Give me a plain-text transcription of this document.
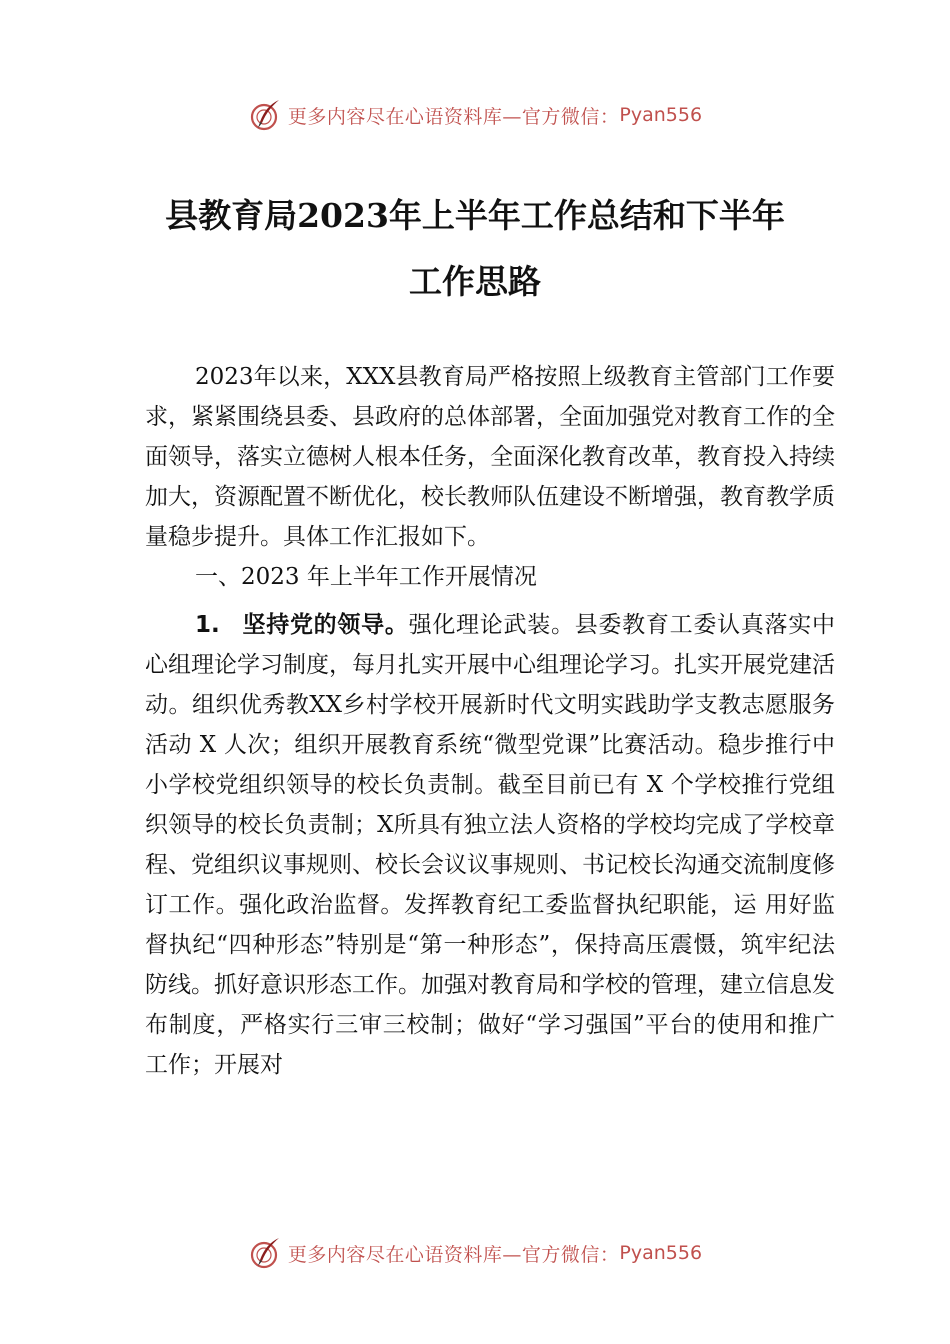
更多内容尽在心语资料库—官方微信： Pyan556
县教育局2023年上半年工作总结和下半年
工作思路

2023年以来，XXX县教育局严格按照上级教育主管部门工作要求，紧紧围绕县委、县政府的总体部署，全面加强党对教育工作的全面领导，落实立德树人根本任务，全面深化教育改革，教育投入持续加大，资源配置不断优化，校长教师队伍建设不断增强，教育教学质量稳步提升。具体工作汇报如下。

一、2023 年上半年工作开展情况

1. 坚持党的领导。强化理论武装。县委教育工委认真落实中心组理论学习制度，每月扎实开展中心组理论学习。扎实开展党建活动。组织优秀教XX乡村学校开展新时代文明实践助学支教志愿服务活动 X 人次；组织开展教育系统“微型党课”比赛活动。稳步推行中小学校党组织领导的校长负责制。截至目前已有 X 个学校推行党组织领导的校长负责制；X所具有独立法人资格的学校均完成了学校章程、党组织议事规则、校长会议议事规则、书记校长沟通交流制度修订工作。强化政治监督。发挥教育纪工委监督执纪职能，运 用好监督执纪“四种形态”特别是“第一种形态”，保持高压震慑，筑牢纪法防线。抓好意识形态工作。加强对教育局和学校的管理，建立信息发布制度，严格实行三审三校制；做好“学习强国”平台的使用和推广工作；开展对

更多内容尽在心语资料库—官方微信： Pyan556
